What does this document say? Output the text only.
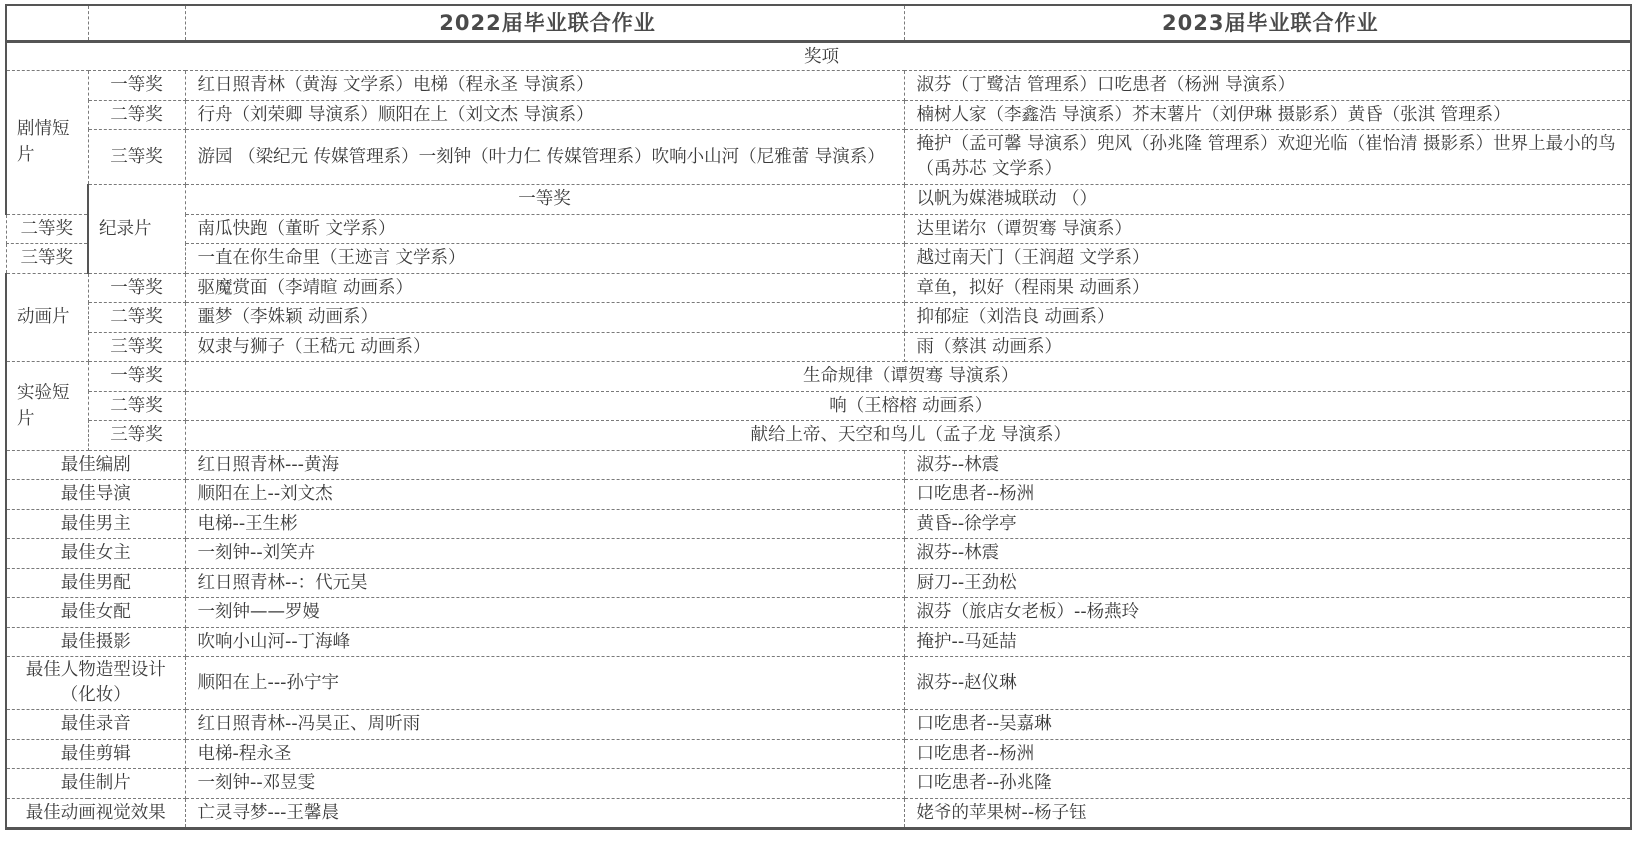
		2022届毕业联合作业	2023届毕业联合作业	
奖项				
剧情短片	一等奖	红日照青林（黄海 文学系）电梯（程永圣 导演系）	淑芬（丁鹭洁 管理系）口吃患者（杨洲 导演系）	
	二等奖	行舟（刘荣卿 导演系）顺阳在上（刘文杰 导演系）	楠树人家（李鑫浩 导演系）芥末薯片（刘伊琳 摄影系）黄昏（张淇 管理系）	
	三等奖	游园 （梁纪元 传媒管理系）一刻钟（叶力仁 传媒管理系）吹响小山河（尼雅蕾 导演系）	掩护（孟可馨 导演系）兜风（孙兆隆 管理系）欢迎光临（崔怡清 摄影系）世界上最小的鸟（禹苏芯 文学系）	
	纪录片	一等奖	以帆为媒港城联动 （）	
二等奖		南瓜快跑（董昕 文学系）	达里诺尔（谭贺骞 导演系）	
三等奖		一直在你生命里（王迹言 文学系）	越过南天门（王润超 文学系）	
动画片	一等奖	驱魔赏面（李靖暄 动画系）	章鱼，拟好（程雨果 动画系）	
	二等奖	噩梦（李姝颖 动画系）	抑郁症（刘浩良 动画系）	
	三等奖	奴隶与狮子（王嵇元 动画系）	雨（蔡淇 动画系）	
实验短片	一等奖	生命规律（谭贺骞 导演系）		
	二等奖	响（王榕榕 动画系）		
	三等奖	献给上帝、天空和鸟儿（孟子龙 导演系）		
最佳编剧		红日照青林---黄海	淑芬--林震	
最佳导演		顺阳在上--刘文杰	口吃患者--杨洲	
最佳男主		电梯--王生彬	黄昏--徐学亭	
最佳女主		一刻钟--刘笑卉	淑芬--林震	
最佳男配		红日照青林--：代元昊	厨刀--王劲松	
最佳女配		一刻钟——罗嫚	淑芬（旅店女老板）--杨燕玲	
最佳摄影		吹响小山河--丁海峰	掩护--马延喆	
最佳人物造型设计（化妆）		顺阳在上---孙宁宇	淑芬--赵仪琳	
最佳录音		红日照青林--冯昊正、周听雨	口吃患者--吴嘉琳	
最佳剪辑		电梯-程永圣	口吃患者--杨洲	
最佳制片		一刻钟--邓昱雯	口吃患者--孙兆隆	
最佳动画视觉效果		亡灵寻梦---王馨晨	姥爷的苹果树--杨子钰	
